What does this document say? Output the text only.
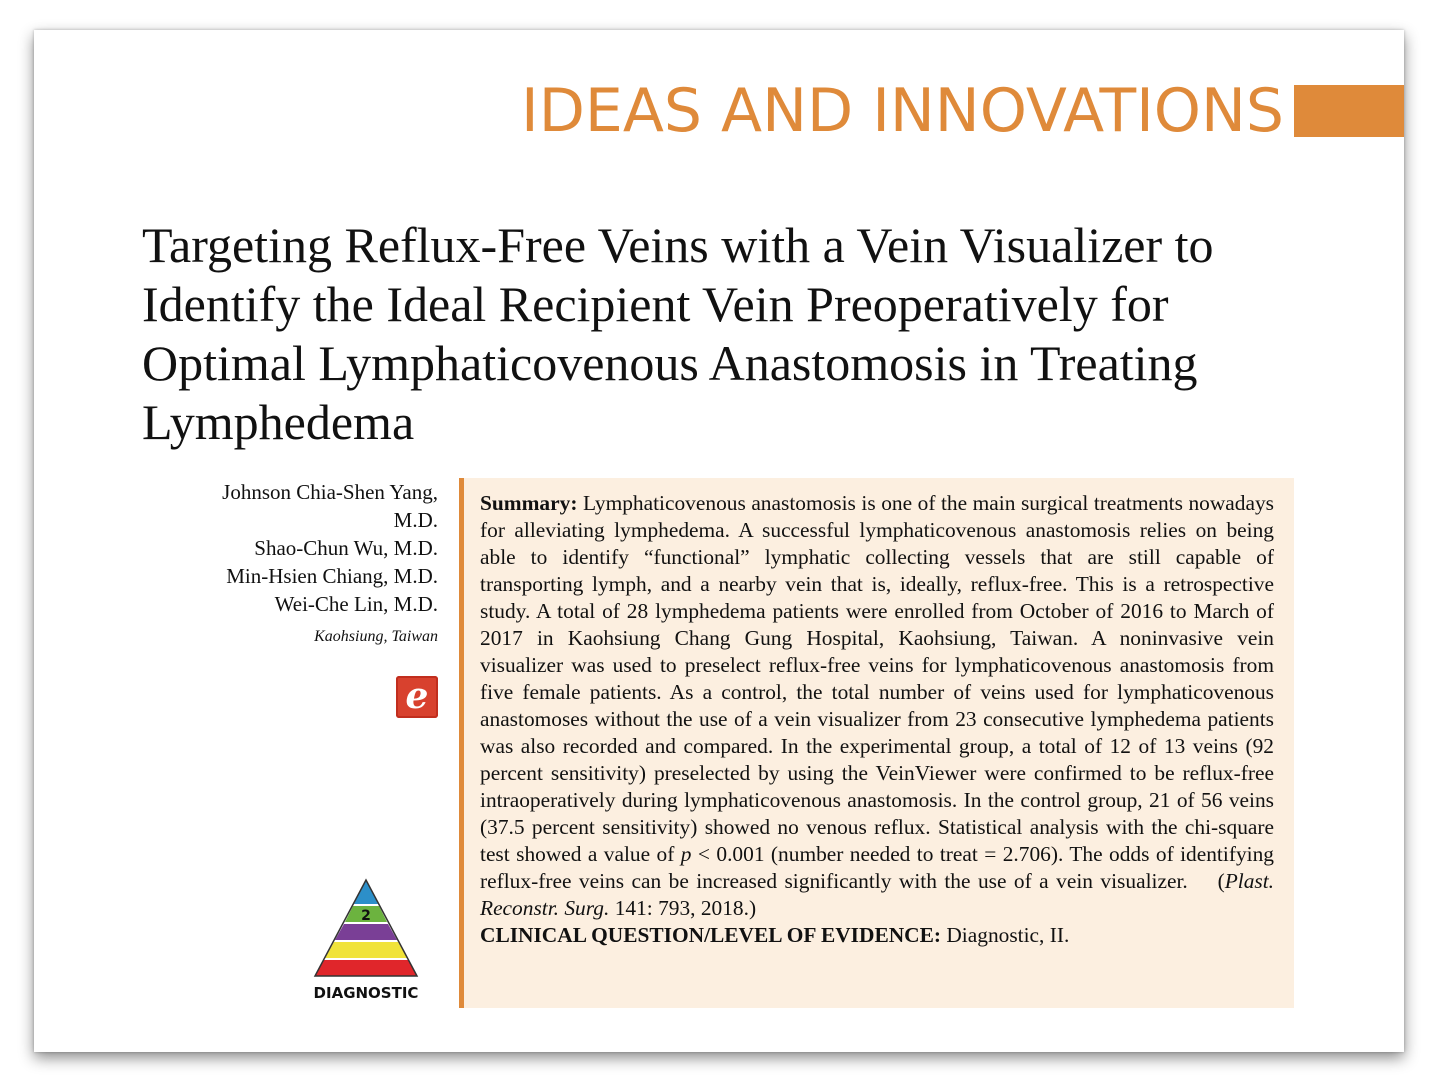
IDEAS AND INNOVATIONS
Targeting Reflux-Free Veins with a Vein Visualizer to Identify the Ideal Recipient Vein Preoperatively for Optimal Lymphaticovenous Anastomosis in Treating Lymphedema
Johnson Chia-Shen Yang,
M.D.
Shao-Chun Wu, M.D.
Min-Hsien Chiang, M.D.
Wei-Che Lin, M.D.
Kaohsiung, Taiwan
e
2
DIAGNOSTIC

Summary: Lymphaticovenous anastomosis is one of the main surgical treatments nowadays for alleviating lymphedema. A successful lymphaticovenous anastomosis relies on being able to identify “functional” lymphatic collecting vessels that are still capable of transporting lymph, and a nearby vein that is, ideally, reflux-free. This is a retrospective study. A total of 28 lymphedema patients were enrolled from October of 2016 to March of 2017 in Kaohsiung Chang Gung Hospital, Kaohsiung, Taiwan. A noninvasive vein visualizer was used to preselect reflux-free veins for lymphaticovenous anastomosis from five female patients. As a control, the total number of veins used for lymphaticovenous anastomoses without the use of a vein visualizer from 23 consecutive lymphedema patients was also recorded and compared. In the experimental group, a total of 12 of 13 veins (92 percent sensitivity) preselected by using the VeinViewer were confirmed to be reflux-free intraoperatively during lymphaticovenous anastomosis. In the control group, 21 of 56 veins (37.5 percent sensitivity) showed no venous reflux. Statistical analysis with the chi-square test showed a value of p < 0.001 (number needed to treat = 2.706). The odds of identifying reflux-free veins can be increased significantly with the use of a vein visualizer. (Plast. Reconstr. Surg. 141: 793, 2018.)

CLINICAL QUESTION/LEVEL OF EVIDENCE: Diagnostic, II.
